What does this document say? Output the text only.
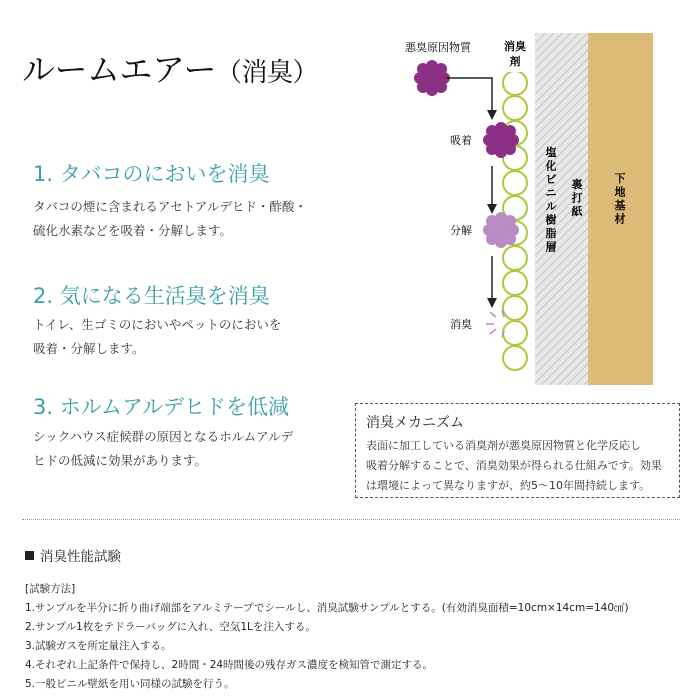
ルームエアー（消臭）
1. タバコのにおいを消臭
タバコの煙に含まれるアセトアルデヒド・酢酸・
硫化水素などを吸着・分解します。
2. 気になる生活臭を消臭
トイレ、生ゴミのにおいやペットのにおいを
吸着・分解します。
3. ホルムアルデヒドを低減
シックハウス症候群の原因となるホルムアルデ
ヒドの低減に効果があります。
消臭
剤
悪臭原因物質
吸着
分解
消臭
塩化ビニル樹脂層
裏打紙
下地基材
消臭メカニズム
表面に加工している消臭剤が悪臭原因物質と化学反応し
吸着分解することで、消臭効果が得られる仕組みです。効果
は環境によって異なりますが、約5～10年間持続します。
消臭性能試験
[試験方法]
1.サンプルを半分に折り曲げ端部をアルミテープでシールし、消臭試験サンプルとする。(有効消臭面積=10cm×14cm=140㎠)
2.サンプル1枚をテドラーバッグに入れ、空気1Lを注入する。
3.試験ガスを所定量注入する。
4.それぞれ上記条件で保持し、2時間・24時間後の残存ガス濃度を検知管で測定する。
5.一般ビニル壁紙を用い同様の試験を行う。
